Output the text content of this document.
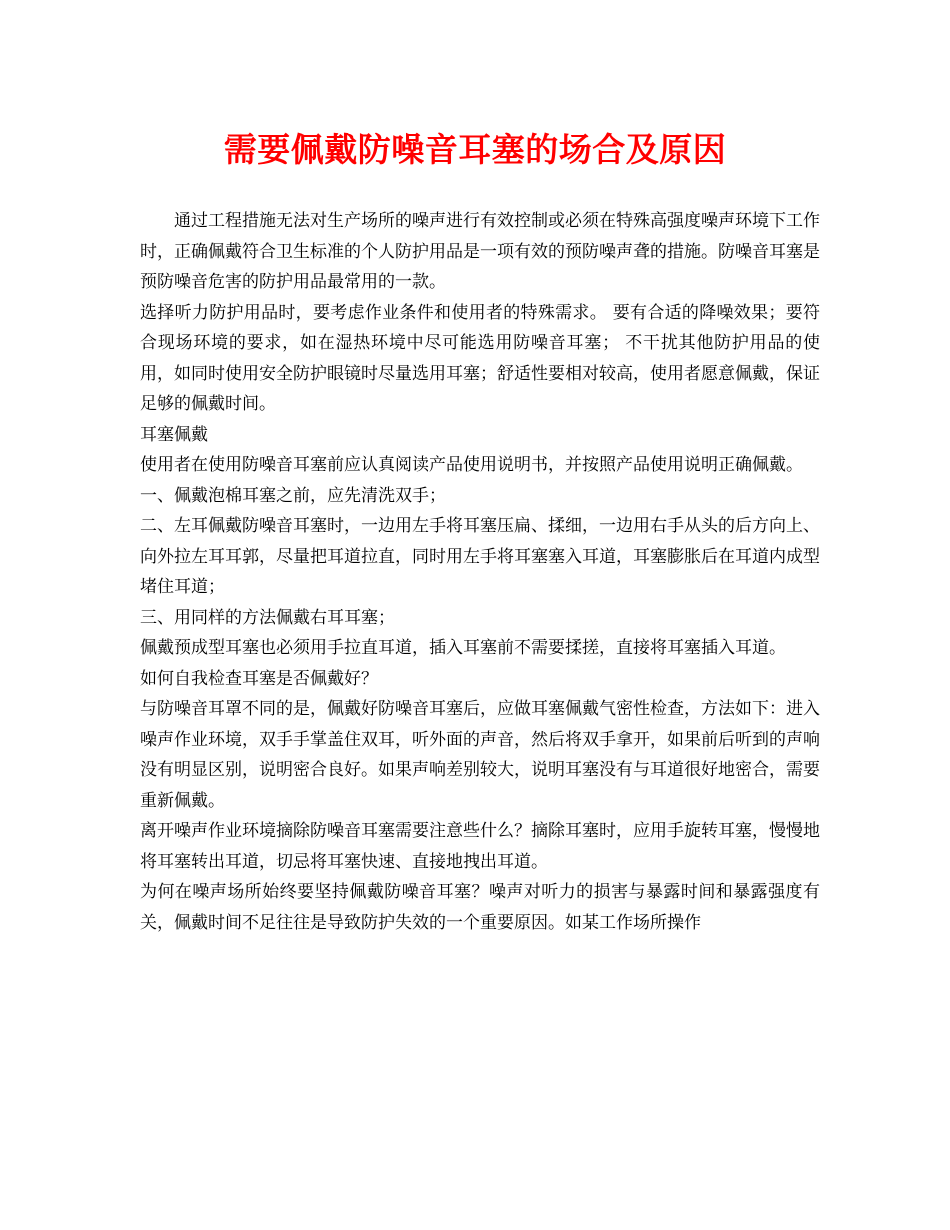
需要佩戴防噪音耳塞的场合及原因

通过工程措施无法对生产场所的噪声进行有效控制或必须在特殊高强度噪声环境下工作时，正确佩戴符合卫生标准的个人防护用品是一项有效的预防噪声聋的措施。防噪音耳塞是预防噪音危害的防护用品最常用的一款。

选择听力防护用品时，要考虑作业条件和使用者的特殊需求。 要有合适的降噪效果；要符合现场环境的要求，如在湿热环境中尽可能选用防噪音耳塞； 不干扰其他防护用品的使用，如同时使用安全防护眼镜时尽量选用耳塞；舒适性要相对较高，使用者愿意佩戴，保证足够的佩戴时间。

耳塞佩戴

使用者在使用防噪音耳塞前应认真阅读产品使用说明书，并按照产品使用说明正确佩戴。

一、佩戴泡棉耳塞之前，应先清洗双手；

二、左耳佩戴防噪音耳塞时，一边用左手将耳塞压扁、揉细，一边用右手从头的后方向上、向外拉左耳耳郭，尽量把耳道拉直，同时用左手将耳塞塞入耳道，耳塞膨胀后在耳道内成型堵住耳道；

三、用同样的方法佩戴右耳耳塞；

佩戴预成型耳塞也必须用手拉直耳道，插入耳塞前不需要揉搓，直接将耳塞插入耳道。

如何自我检查耳塞是否佩戴好？

与防噪音耳罩不同的是，佩戴好防噪音耳塞后，应做耳塞佩戴气密性检查，方法如下：进入噪声作业环境，双手手掌盖住双耳，听外面的声音，然后将双手拿开，如果前后听到的声响没有明显区别，说明密合良好。如果声响差别较大，说明耳塞没有与耳道很好地密合，需要重新佩戴。

离开噪声作业环境摘除防噪音耳塞需要注意些什么？摘除耳塞时，应用手旋转耳塞，慢慢地将耳塞转出耳道，切忌将耳塞快速、直接地拽出耳道。

为何在噪声场所始终要坚持佩戴防噪音耳塞？噪声对听力的损害与暴露时间和暴露强度有关，佩戴时间不足往往是导致防护失效的一个重要原因。如某工作场所操作
